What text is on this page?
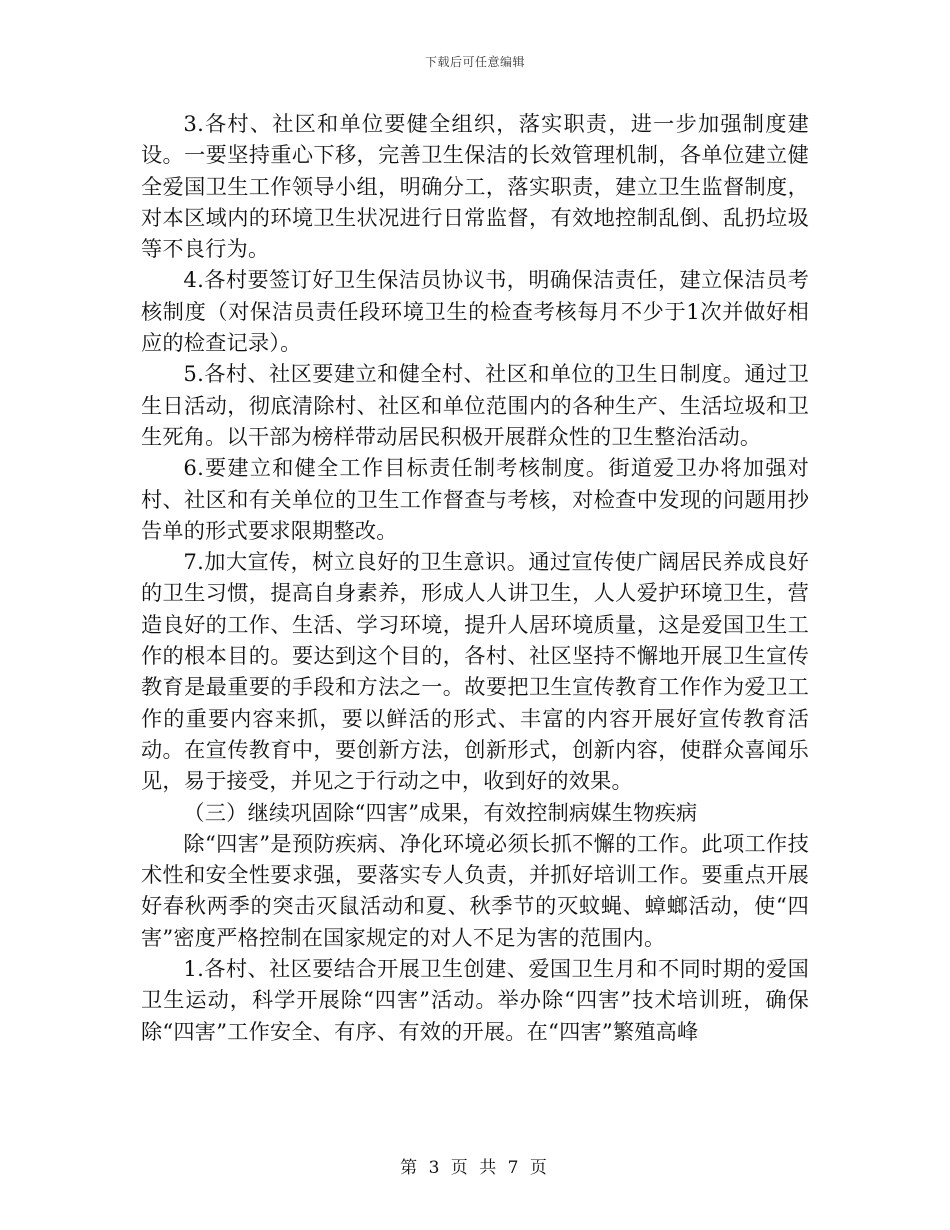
下载后可任意编辑

3.各村、社区和单位要健全组织，落实职责，进一步加强制度建设。一要坚持重心下移，完善卫生保洁的长效管理机制，各单位建立健全爱国卫生工作领导小组，明确分工，落实职责，建立卫生监督制度，对本区域内的环境卫生状况进行日常监督，有效地控制乱倒、乱扔垃圾等不良行为。

4.各村要签订好卫生保洁员协议书，明确保洁责任，建立保洁员考核制度（对保洁员责任段环境卫生的检查考核每月不少于1次并做好相应的检查记录）。

5.各村、社区要建立和健全村、社区和单位的卫生日制度。通过卫生日活动，彻底清除村、社区和单位范围内的各种生产、生活垃圾和卫生死角。以干部为榜样带动居民积极开展群众性的卫生整治活动。

6.要建立和健全工作目标责任制考核制度。街道爱卫办将加强对村、社区和有关单位的卫生工作督查与考核，对检查中发现的问题用抄告单的形式要求限期整改。

7.加大宣传，树立良好的卫生意识。通过宣传使广阔居民养成良好的卫生习惯，提高自身素养，形成人人讲卫生，人人爱护环境卫生，营造良好的工作、生活、学习环境，提升人居环境质量，这是爱国卫生工作的根本目的。要达到这个目的，各村、社区坚持不懈地开展卫生宣传教育是最重要的手段和方法之一。故要把卫生宣传教育工作作为爱卫工作的重要内容来抓，要以鲜活的形式、丰富的内容开展好宣传教育活动。在宣传教育中，要创新方法，创新形式，创新内容，使群众喜闻乐见，易于接受，并见之于行动之中，收到好的效果。

（三）继续巩固除“四害”成果，有效控制病媒生物疾病

除“四害”是预防疾病、净化环境必须长抓不懈的工作。此项工作技术性和安全性要求强，要落实专人负责，并抓好培训工作。要重点开展好春秋两季的突击灭鼠活动和夏、秋季节的灭蚊蝇、蟑螂活动，使“四害”密度严格控制在国家规定的对人不足为害的范围内。

1.各村、社区要结合开展卫生创建、爱国卫生月和不同时期的爱国卫生运动，科学开展除“四害”活动。举办除“四害”技术培训班，确保除“四害”工作安全、有序、有效的开展。在“四害”繁殖高峰

第 3 页 共 7 页
